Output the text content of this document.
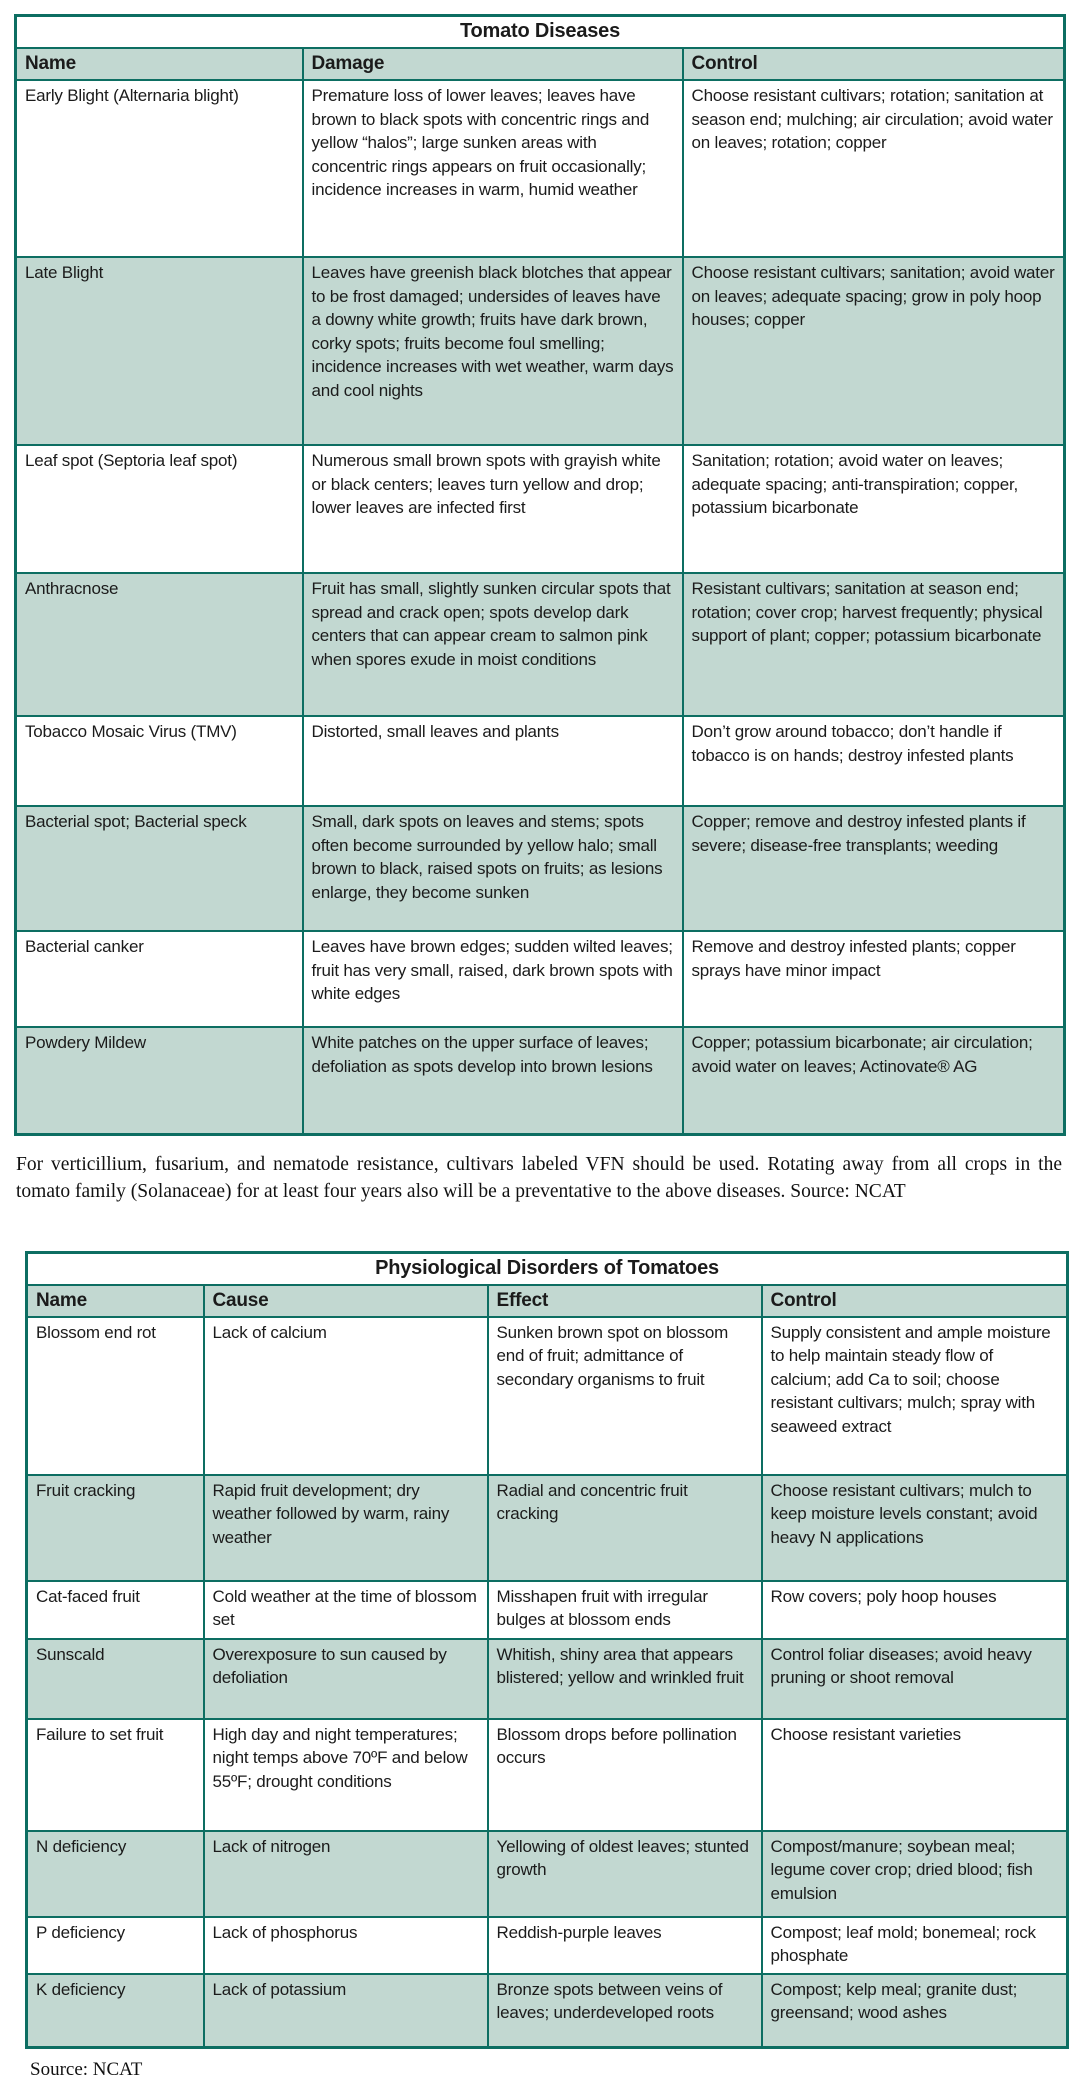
Tomato Diseases		
Name	Damage	Control
Early Blight (Alternaria blight)	Premature loss of lower leaves; leaves have brown to black spots with concentric rings and yellow “halos”; large sunken areas with concentric rings appears on fruit occasionally; incidence increases in warm, humid weather	Choose resistant cultivars; rotation; sanitation at season end; mulching; air circulation; avoid water on leaves; rotation; copper
Late Blight	Leaves have greenish black blotches that appear to be frost damaged; undersides of leaves have a downy white growth; fruits have dark brown, corky spots; fruits become foul smelling; incidence increases with wet weather, warm days and cool nights	Choose resistant cultivars; sanitation; avoid water on leaves; adequate spacing; grow in poly hoop houses; copper
Leaf spot (Septoria leaf spot)	Numerous small brown spots with grayish white or black centers; leaves turn yellow and drop; lower leaves are infected first	Sanitation; rotation; avoid water on leaves; adequate spacing; anti-transpiration; copper, potassium bicarbonate
Anthracnose	Fruit has small, slightly sunken circular spots that spread and crack open; spots develop dark centers that can appear cream to salmon pink when spores exude in moist conditions	Resistant cultivars; sanitation at season end; rotation; cover crop; harvest frequently; physical support of plant; copper; potassium bicarbonate
Tobacco Mosaic Virus (TMV)	Distorted, small leaves and plants	Don’t grow around tobacco; don’t handle if tobacco is on hands; destroy infested plants
Bacterial spot; Bacterial speck	Small, dark spots on leaves and stems; spots often become surrounded by yellow halo; small brown to black, raised spots on fruits; as lesions enlarge, they become sunken	Copper; remove and destroy infested plants if severe; disease-free transplants; weeding
Bacterial canker	Leaves have brown edges; sudden wilted leaves; fruit has very small, raised, dark brown spots with white edges	Remove and destroy infested plants; copper sprays have minor impact
Powdery Mildew	White patches on the upper surface of leaves; defoliation as spots develop into brown lesions	Copper; potassium bicarbonate; air circulation; avoid water on leaves; Actinovate® AG

For verticillium, fusarium, and nematode resistance, cultivars labeled VFN should be used. Rotating away from all crops in the tomato family (Solanaceae) for at least four years also will be a preventative to the above diseases. Source: NCAT

Physiological Disorders of Tomatoes			
Name	Cause	Effect	Control
Blossom end rot	Lack of calcium	Sunken brown spot on blossom end of fruit; admittance of secondary organisms to fruit	Supply consistent and ample moisture to help maintain steady flow of calcium; add Ca to soil; choose resistant cultivars; mulch; spray with seaweed extract
Fruit cracking	Rapid fruit development; dry weather followed by warm, rainy weather	Radial and concentric fruit cracking	Choose resistant cultivars; mulch to keep moisture levels constant; avoid heavy N applications
Cat-faced fruit	Cold weather at the time of blossom set	Misshapen fruit with irregular bulges at blossom ends	Row covers; poly hoop houses
Sunscald	Overexposure to sun caused by defoliation	Whitish, shiny area that appears blistered; yellow and wrinkled fruit	Control foliar diseases; avoid heavy pruning or shoot removal
Failure to set fruit	High day and night temperatures; night temps above 70ºF and below 55ºF; drought conditions	Blossom drops before pollination occurs	Choose resistant varieties
N deficiency	Lack of nitrogen	Yellowing of oldest leaves; stunted growth	Compost/manure; soybean meal; legume cover crop; dried blood; fish emulsion
P deficiency	Lack of phosphorus	Reddish-purple leaves	Compost; leaf mold; bonemeal; rock phosphate
K deficiency	Lack of potassium	Bronze spots between veins of leaves; underdeveloped roots	Compost; kelp meal; granite dust; greensand; wood ashes

Source: NCAT
